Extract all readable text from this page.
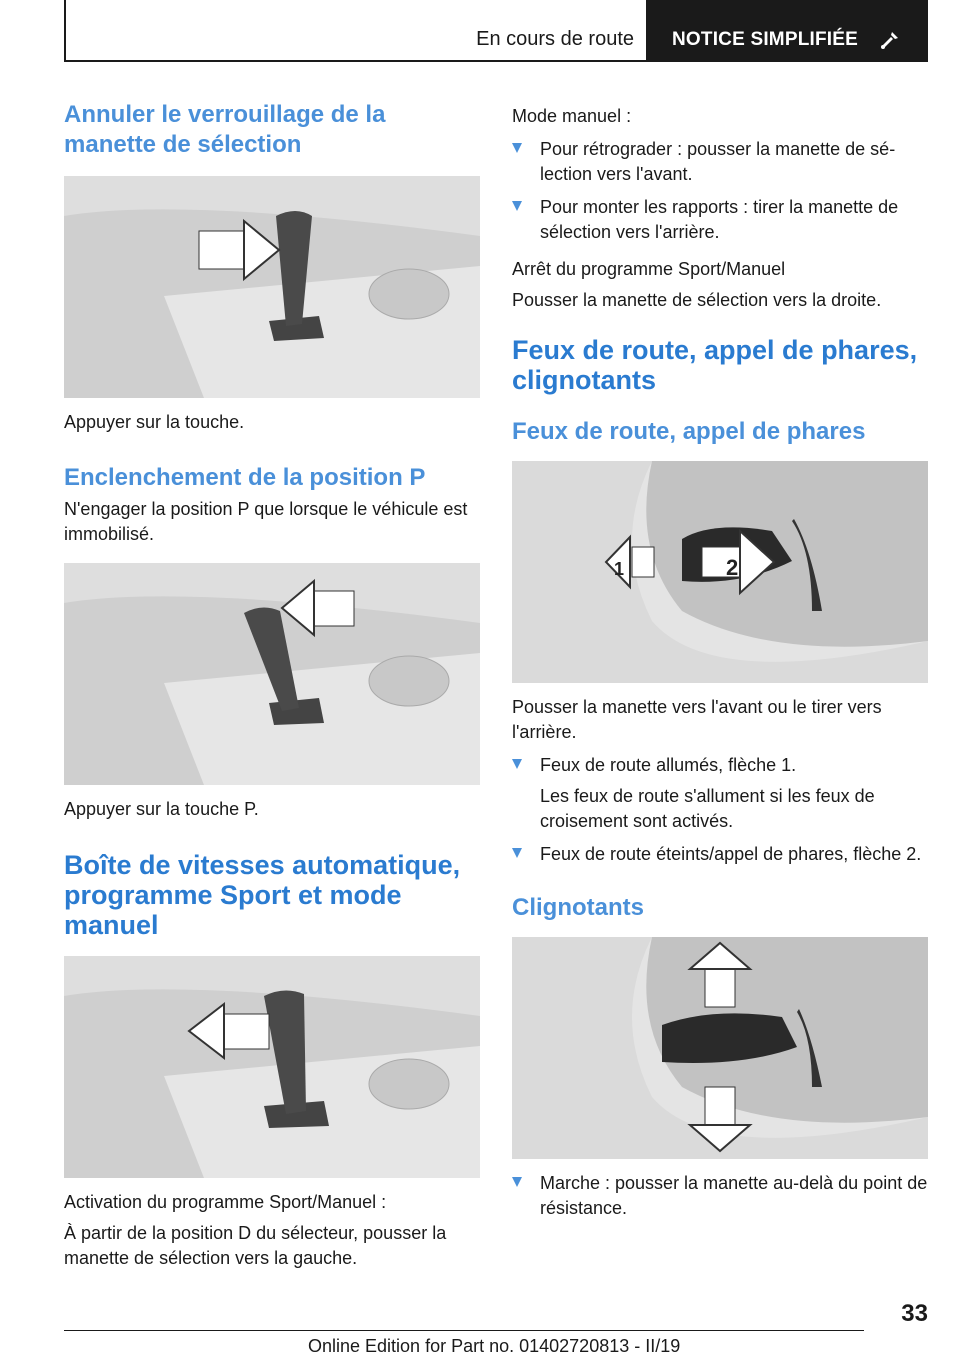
En cours de route NOTICE SIMPLIFIÉE
Annuler le verrouillage de la manette de sélection

Appuyer sur la touche.

Enclenchement de la position P

N'engager la position P que lorsque le véhicule est immobilisé.

Appuyer sur la touche P.

Boîte de vitesses automatique, programme Sport et mode manuel

Activation du programme Sport/Manuel :

À partir de la position D du sélecteur, pousser la manette de sélection vers la gauche.

Mode manuel :

Pour rétrograder : pousser la manette de sélection vers l'avant.
Pour monter les rapports : tirer la manette de sélection vers l'arrière.

Arrêt du programme Sport/Manuel

Pousser la manette de sélection vers la droite.

Feux de route, appel de phares, clignotants
Feux de route, appel de phares
1	2

Pousser la manette vers l'avant ou le tirer vers l'arrière.

Feux de route allumés, flèche 1.

Les feux de route s'allument si les feux de croisement sont activés.

Feux de route éteints/appel de phares, flèche 2.
Clignotants
Marche : pousser la manette au-delà du point de résistance.
33
Online Edition for Part no. 01402720813 - II/19
